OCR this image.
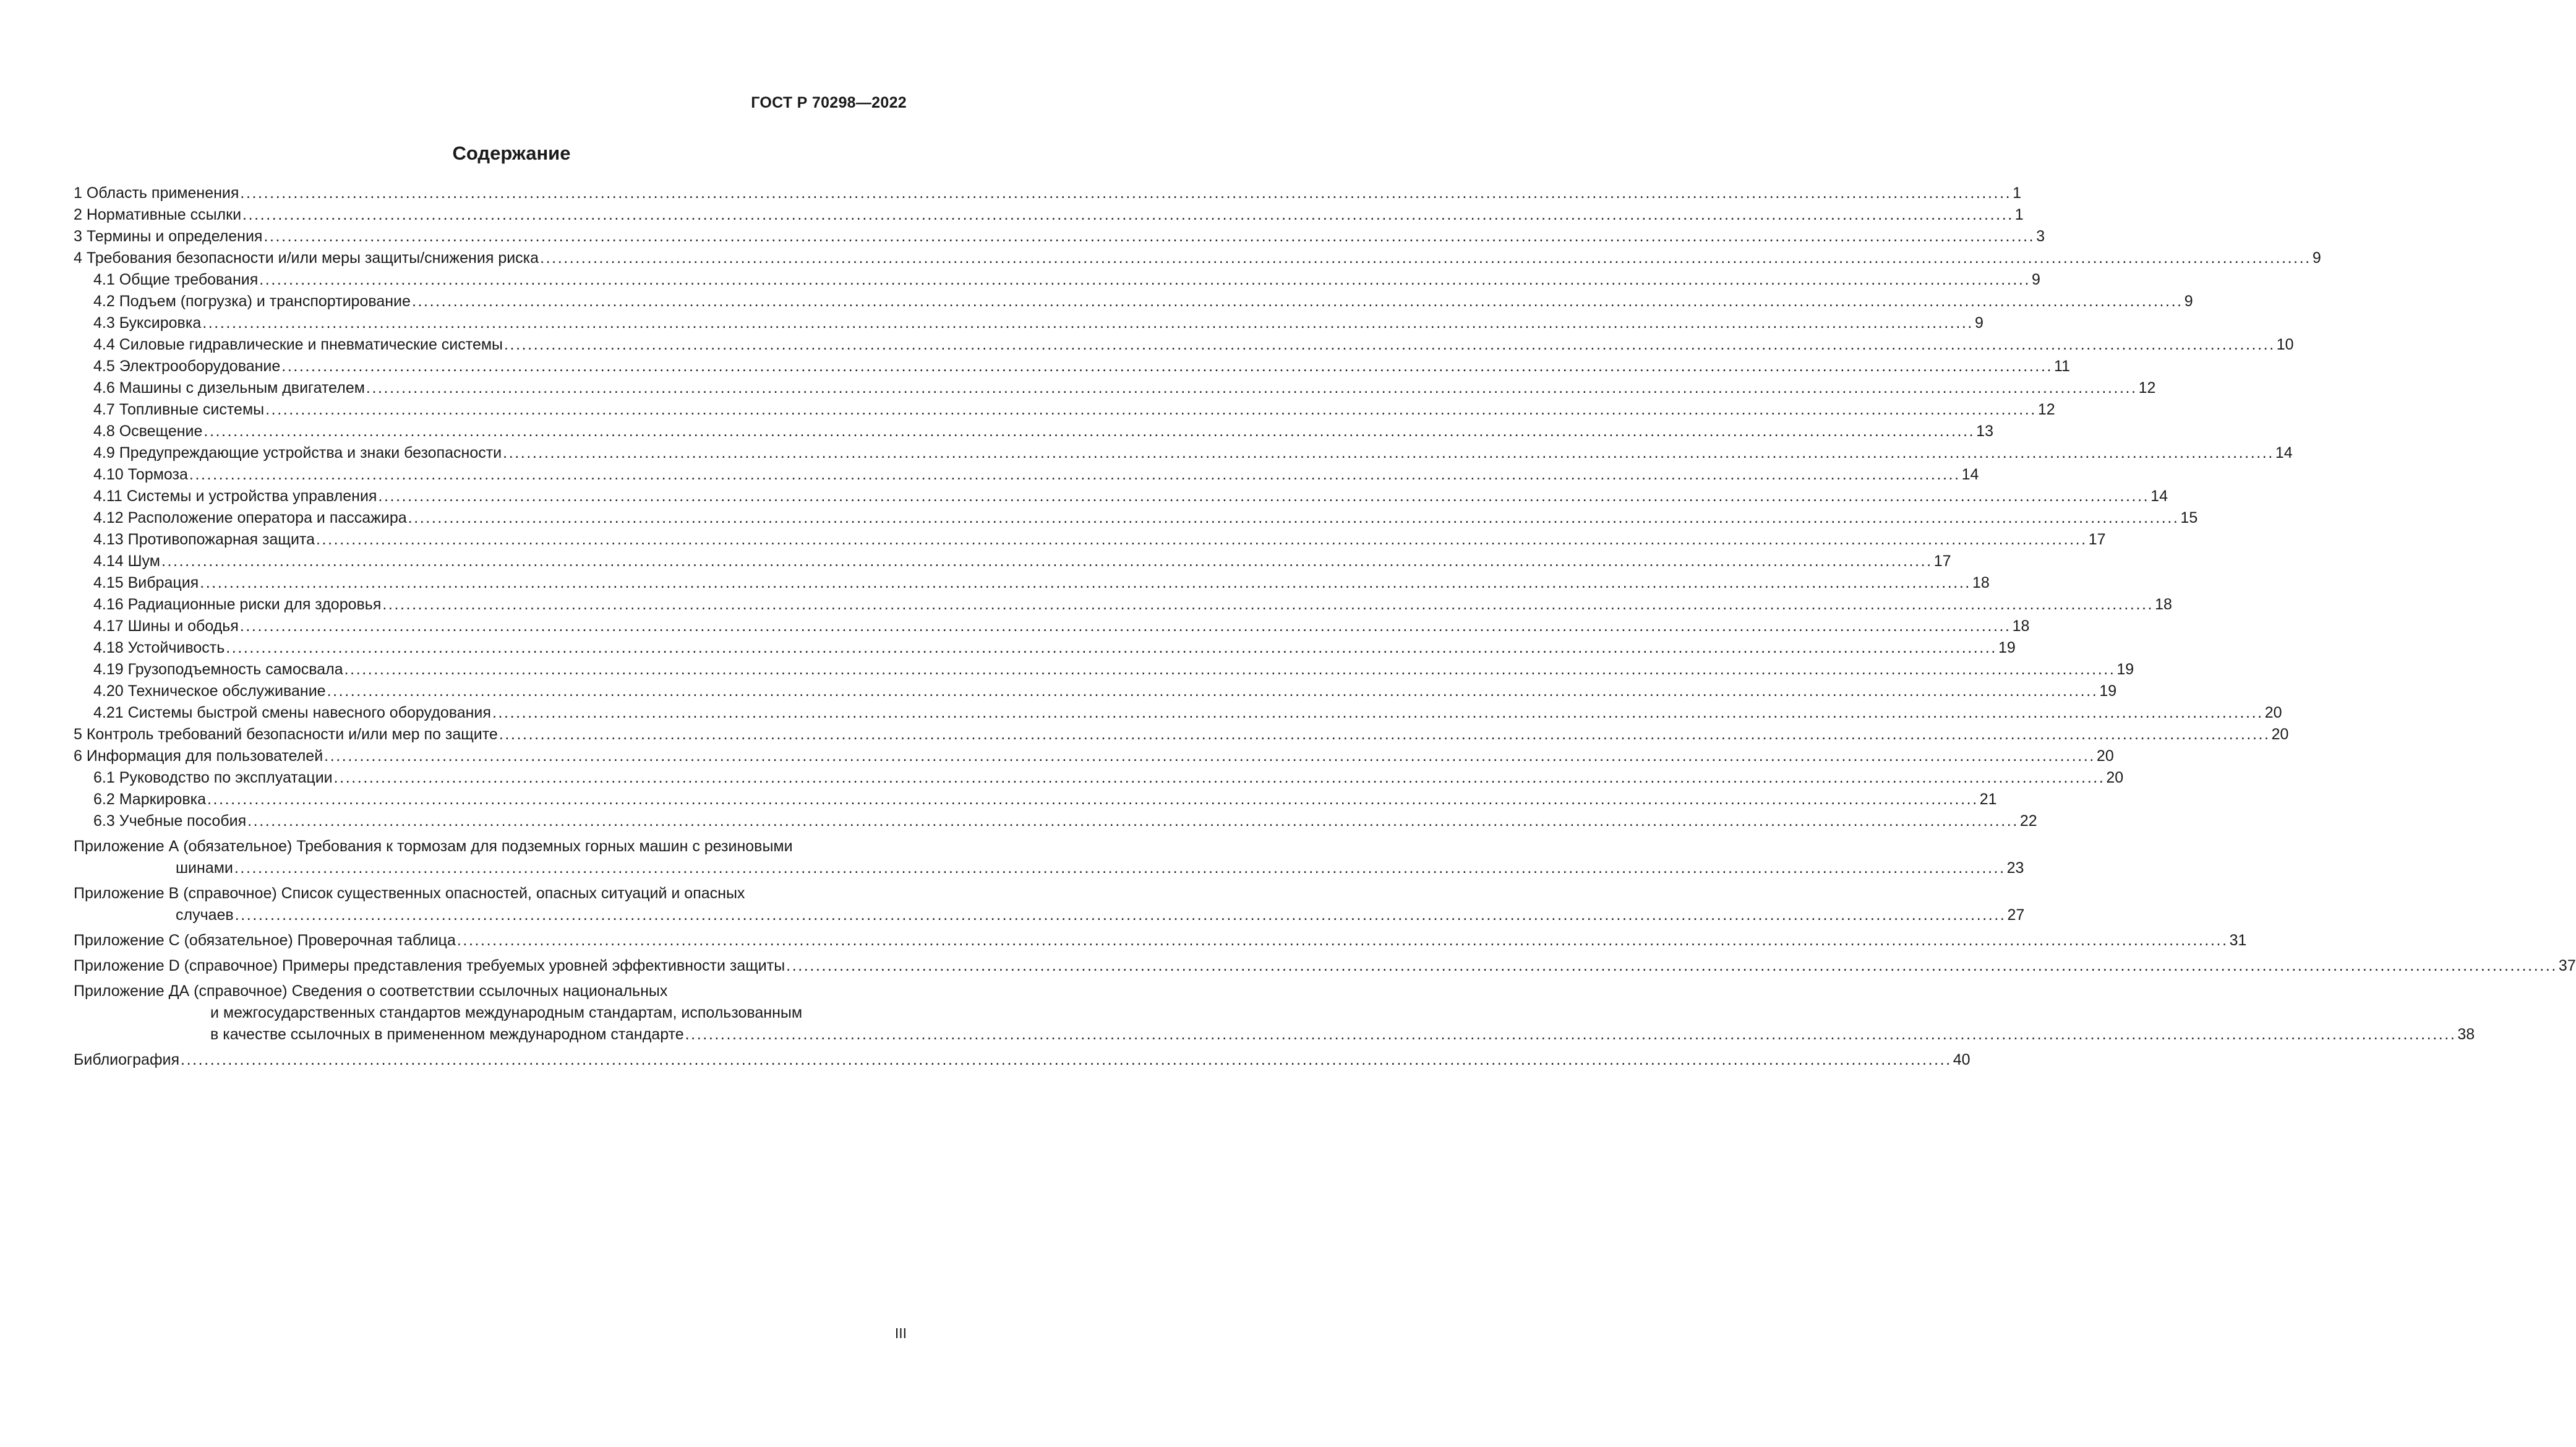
ГОСТ Р 70298—2022
Содержание
1 Область применения ............................................................................................................................................................................................................................................................................................................ 1
2 Нормативные ссылки ............................................................................................................................................................................................................................................................................................................ 1
3 Термины и определения ............................................................................................................................................................................................................................................................................................................ 3
4 Требования безопасности и/или меры защиты/снижения риска ............................................................................................................................................................................................................................................................................................................ 9
4.1 Общие требования ............................................................................................................................................................................................................................................................................................................ 9
4.2 Подъем (погрузка) и транспортирование ............................................................................................................................................................................................................................................................................................................ 9
4.3 Буксировка ............................................................................................................................................................................................................................................................................................................ 9
4.4 Силовые гидравлические и пневматические системы ............................................................................................................................................................................................................................................................................................................ 10
4.5 Электрооборудование ............................................................................................................................................................................................................................................................................................................ 11
4.6 Машины с дизельным двигателем ............................................................................................................................................................................................................................................................................................................ 12
4.7 Топливные системы ............................................................................................................................................................................................................................................................................................................ 12
4.8 Освещение ............................................................................................................................................................................................................................................................................................................ 13
4.9 Предупреждающие устройства и знаки безопасности ............................................................................................................................................................................................................................................................................................................ 14
4.10 Тормоза ............................................................................................................................................................................................................................................................................................................ 14
4.11 Системы и устройства управления ............................................................................................................................................................................................................................................................................................................ 14
4.12 Расположение оператора и пассажира ............................................................................................................................................................................................................................................................................................................ 15
4.13 Противопожарная защита ............................................................................................................................................................................................................................................................................................................ 17
4.14 Шум ............................................................................................................................................................................................................................................................................................................ 17
4.15 Вибрация ............................................................................................................................................................................................................................................................................................................ 18
4.16 Радиационные риски для здоровья ............................................................................................................................................................................................................................................................................................................ 18
4.17 Шины и ободья ............................................................................................................................................................................................................................................................................................................ 18
4.18 Устойчивость ............................................................................................................................................................................................................................................................................................................ 19
4.19 Грузоподъемность самосвала ............................................................................................................................................................................................................................................................................................................ 19
4.20 Техническое обслуживание ............................................................................................................................................................................................................................................................................................................ 19
4.21 Системы быстрой смены навесного оборудования ............................................................................................................................................................................................................................................................................................................ 20
5 Контроль требований безопасности и/или мер по защите ............................................................................................................................................................................................................................................................................................................ 20
6 Информация для пользователей ............................................................................................................................................................................................................................................................................................................ 20
6.1 Руководство по эксплуатации ............................................................................................................................................................................................................................................................................................................ 20
6.2 Маркировка ............................................................................................................................................................................................................................................................................................................ 21
6.3 Учебные пособия ............................................................................................................................................................................................................................................................................................................ 22
Приложение А (обязательное) Требования к тормозам для подземных горных машин с резиновыми
шинами ............................................................................................................................................................................................................................................................................................................ 23
Приложение В (справочное) Список существенных опасностей, опасных ситуаций и опасных
случаев ............................................................................................................................................................................................................................................................................................................ 27
Приложение С (обязательное) Проверочная таблица ............................................................................................................................................................................................................................................................................................................ 31
Приложение D (справочное) Примеры представления требуемых уровней эффективности защиты ............................................................................................................................................................................................................................................................................................................ 37
Приложение ДА (справочное) Сведения о соответствии ссылочных национальных
и межгосударственных стандартов международным стандартам, использованным
в качестве ссылочных в примененном международном стандарте ............................................................................................................................................................................................................................................................................................................ 38
Библиография ............................................................................................................................................................................................................................................................................................................ 40
III
